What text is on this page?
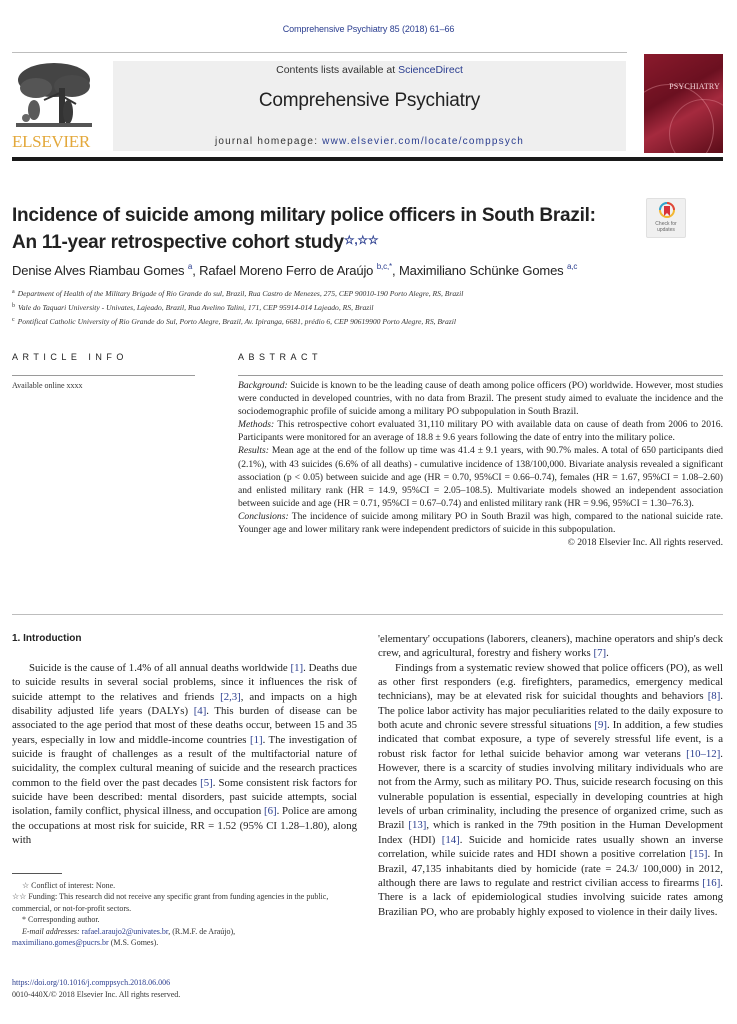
Comprehensive Psychiatry 85 (2018) 61–66
ELSEVIER
Contents lists available at ScienceDirect
Comprehensive Psychiatry
journal homepage: www.elsevier.com/locate/comppsych
PSYCHIATRY
Incidence of suicide among military police officers in South Brazil: An 11-year retrospective cohort study☆,☆☆
Check for updates
Denise Alves Riambau Gomes $^a$, Rafael Moreno Ferro de Araújo $^{b,c,*}$, Maximiliano Schünke Gomes $^{a,c}$
$^a$ Department of Health of the Military Brigade of Rio Grande do sul, Brazil, Rua Castro de Menezes, 275, CEP 90010-190 Porto Alegre, RS, Brazil
$^b$ Vale do Taquari University - Univates, Lajeado, Brazil, Rua Avelino Talini, 171, CEP 95914-014 Lajeado, RS, Brazil
$^c$ Pontifical Catholic University of Rio Grande do Sul, Porto Alegre, Brazil, Av. Ipiranga, 6681, prédio 6, CEP 90619900 Porto Alegre, RS, Brazil
ARTICLE INFO	ABSTRACT
Available online xxxx	Background: Suicide is known to be the leading cause of death among police officers (PO) worldwide. However, most studies were conducted in developed countries, with no data from Brazil. The present study aimed to evaluate the incidence and the sociodemographic profile of suicide among a military PO subpopulation in South Brazil.

Methods: This retrospective cohort evaluated 31,110 military PO with available data on cause of death from 2006 to 2016. Participants were monitored for an average of 18.8 ± 9.6 years following the date of entry into the military police.

Results: Mean age at the end of the follow up time was 41.4 ± 9.1 years, with 90.7% males. A total of 650 participants died (2.1%), with 43 suicides (6.6% of all deaths) - cumulative incidence of 138/100,000. Bivariate analysis revealed a significant association (p < 0.05) between suicide and age (HR = 0.70, 95%CI = 0.66–0.74), females (HR = 1.67, 95%CI = 1.08–2.60) and enlisted military rank (HR = 14.9, 95%CI = 2.05–108.5). Multivariate models showed an independent association between suicide and age (HR = 0.71, 95%CI = 0.67–0.74) and enlisted military rank (HR = 9.96, 95%CI = 1.30–76.3).

Conclusions: The incidence of suicide among military PO in South Brazil was high, compared to the national suicide rate. Younger age and lower military rank were independent predictors of suicide in this subpopulation.

© 2018 Elsevier Inc. All rights reserved.

1. Introduction

Suicide is the cause of 1.4% of all annual deaths worldwide [1]. Deaths due to suicide results in several social problems, since it influences the risk of suicide attempt to the relatives and friends [2,3], and impacts on a high disability adjusted life years (DALYs) [4]. This burden of disease can be associated to the age period that most of these deaths occur, between 15 and 35 years, especially in low and middle-income countries [1]. The investigation of suicide is fraught of challenges as a result of the multifactorial nature of suicidality, the complex cultural meaning of suicide and the research practices common to the field over the past decades [5]. Some consistent risk factors for suicide have been described: mental disorders, past suicide attempts, social isolation, family conflict, physical illness, and occupation [6]. Police are among the occupations at most risk for suicide, RR = 1.52 (95% CI 1.28–1.80), along with

'elementary' occupations (laborers, cleaners), machine operators and ship's deck crew, and agricultural, forestry and fishery works [7].

Findings from a systematic review showed that police officers (PO), as well as other first responders (e.g. firefighters, paramedics, emergency medical technicians), may be at elevated risk for suicidal thoughts and behaviors [8]. The police labor activity has major peculiarities related to the daily exposure to both acute and chronic severe stressful situations [9]. In addition, a few studies indicated that combat exposure, a type of severely stressful life event, is a robust risk factor for lethal suicide behavior among war veterans [10–12]. However, there is a scarcity of studies involving military individuals who are not from the Army, such as military PO. Thus, suicide research focusing on this vulnerable population is essential, especially in developing countries at high levels of urban criminality, including the presence of organized crime, such as Brazil [13], which is ranked in the 79th position in the Human Development Index (HDI) [14]. Suicide and homicide rates usually shown an inverse correlation, while suicide rates and HDI shown a positive correlation [15]. In Brazil, 47,135 inhabitants died by homicide (rate = 24.3/ 100,000) in 2012, although there are laws to regulate and restrict civilian access to firearms [16]. There is a lack of epidemiological studies involving suicide rates among Brazilian PO, who are probably highly exposed to violence in their daily lives.

☆ Conflict of interest: None.
☆☆ Funding: This research did not receive any specific grant from funding agencies in the public, commercial, or not-for-profit sectors.
* Corresponding author.
E-mail addresses: rafael.araujo2@univates.br, (R.M.F. de Araújo),
maximiliano.gomes@pucrs.br (M.S. Gomes).
https://doi.org/10.1016/j.comppsych.2018.06.006
0010-440X/© 2018 Elsevier Inc. All rights reserved.
